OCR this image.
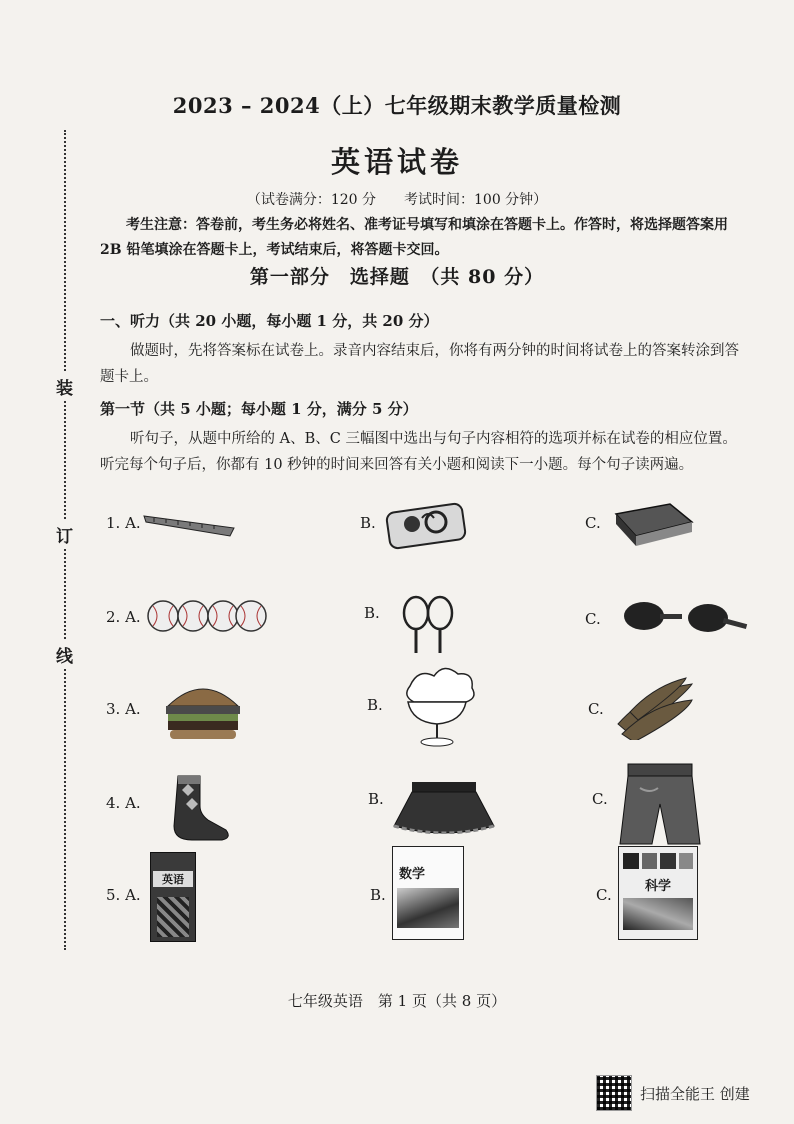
装
订
线
2023 – 2024（上）七年级期末教学质量检测
英语试卷
（试卷满分：120 分　　考试时间：100 分钟）
考生注意：答卷前，考生务必将姓名、准考证号填写和填涂在答题卡上。作答时，将选择题答案用 2B 铅笔填涂在答题卡上，考试结束后，将答题卡交回。
第一部分　选择题　（共 80 分）
一、听力（共 20 小题，每小题 1 分，共 20 分）
做题时，先将答案标在试卷上。录音内容结束后，你将有两分钟的时间将试卷上的答案转涂到答题卡上。
第一节（共 5 小题；每小题 1 分，满分 5 分）
听句子，从题中所给的 A、B、C 三幅图中选出与句子内容相符的选项并标在试卷的相应位置。听完每个句子后，你都有 10 秒钟的时间来回答有关小题和阅读下一小题。每个句子读两遍。
1. A.	B.	C.
2. A.	B.	C.
3. A.	B.	C.
4. A.	B.	C.
5. A.
英语
B.
数学
C.	科学
七年级英语　第 1 页（共 8 页）
扫描全能王 创建
